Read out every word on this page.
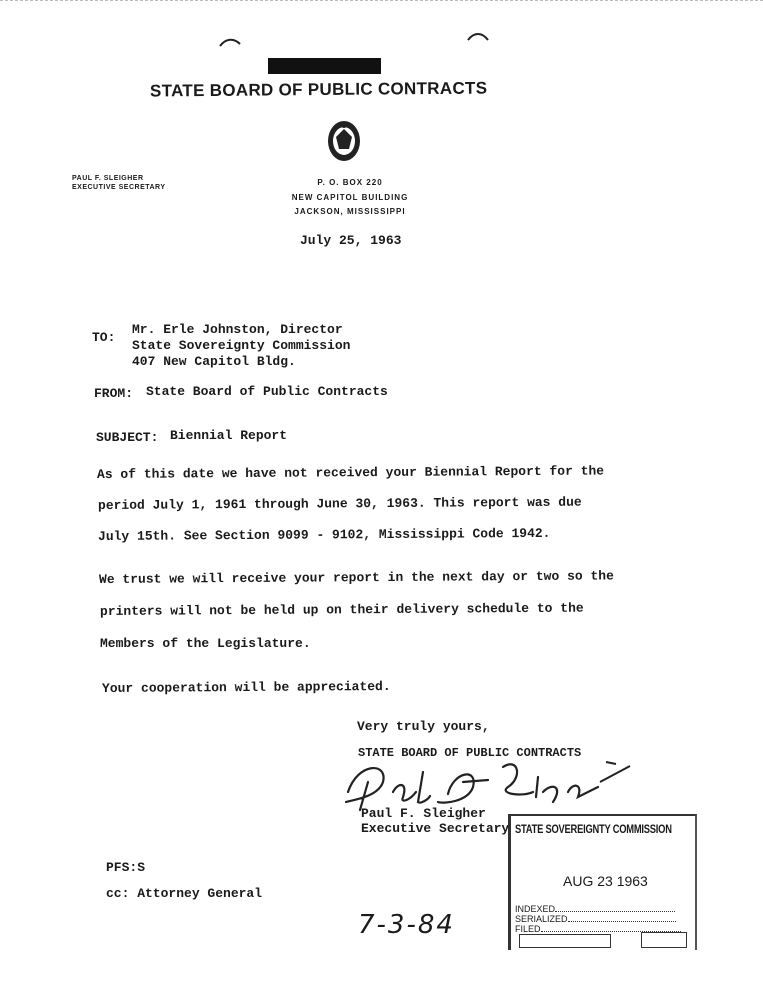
MISSISSIPPI
STATE BOARD OF PUBLIC CONTRACTS
PAUL F. SLEIGHER
EXECUTIVE SECRETARY
P. O. BOX 220
NEW CAPITOL BUILDING
JACKSON, MISSISSIPPI
July 25, 1963
TO:
Mr. Erle Johnston, Director
State Sovereignty Commission
407 New Capitol Bldg.
FROM: State Board of Public Contracts
SUBJECT: Biennial Report
As of this date we have not received your Biennial Report for the
period July 1, 1961 through June 30, 1963. This report was due
July 15th. See Section 9099 - 9102, Mississippi Code 1942.
We trust we will receive your report in the next day or two so the
printers will not be held up on their delivery schedule to the
Members of the Legislature.
Your cooperation will be appreciated.
Very truly yours,
STATE BOARD OF PUBLIC CONTRACTS
Paul F. Sleigher
Executive Secretary
PFS:S
cc: Attorney General
STATE SOVEREIGNTY COMMISSION
AUG 23 1963
INDEXED
SERIALIZED
FILED
7-3-84
